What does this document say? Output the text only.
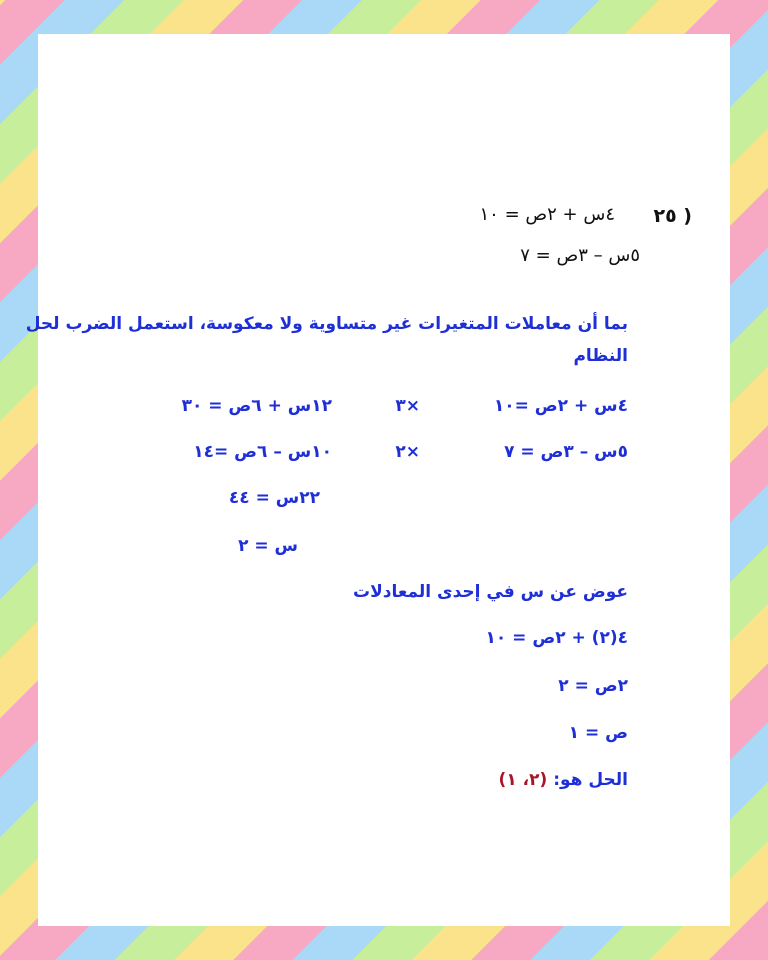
٢٥ )
٤س + ٢ص = ١٠
٥س – ٣ص = ٧
بما أن معاملات المتغيرات غير متساوية ولا معكوسة، استعمل الضرب لحل
النظام
٤س + ٢ص =١٠
×٣
١٢س + ٦ص = ٣٠
٥س – ٣ص = ٧
×٢
١٠س – ٦ص =١٤
٢٢س = ٤٤
س = ٢
عوض عن س في إحدى المعادلات
٤(٢) + ٢ص = ١٠
٢ص = ٢
ص = ١
الحل هو: (٢، ١)
